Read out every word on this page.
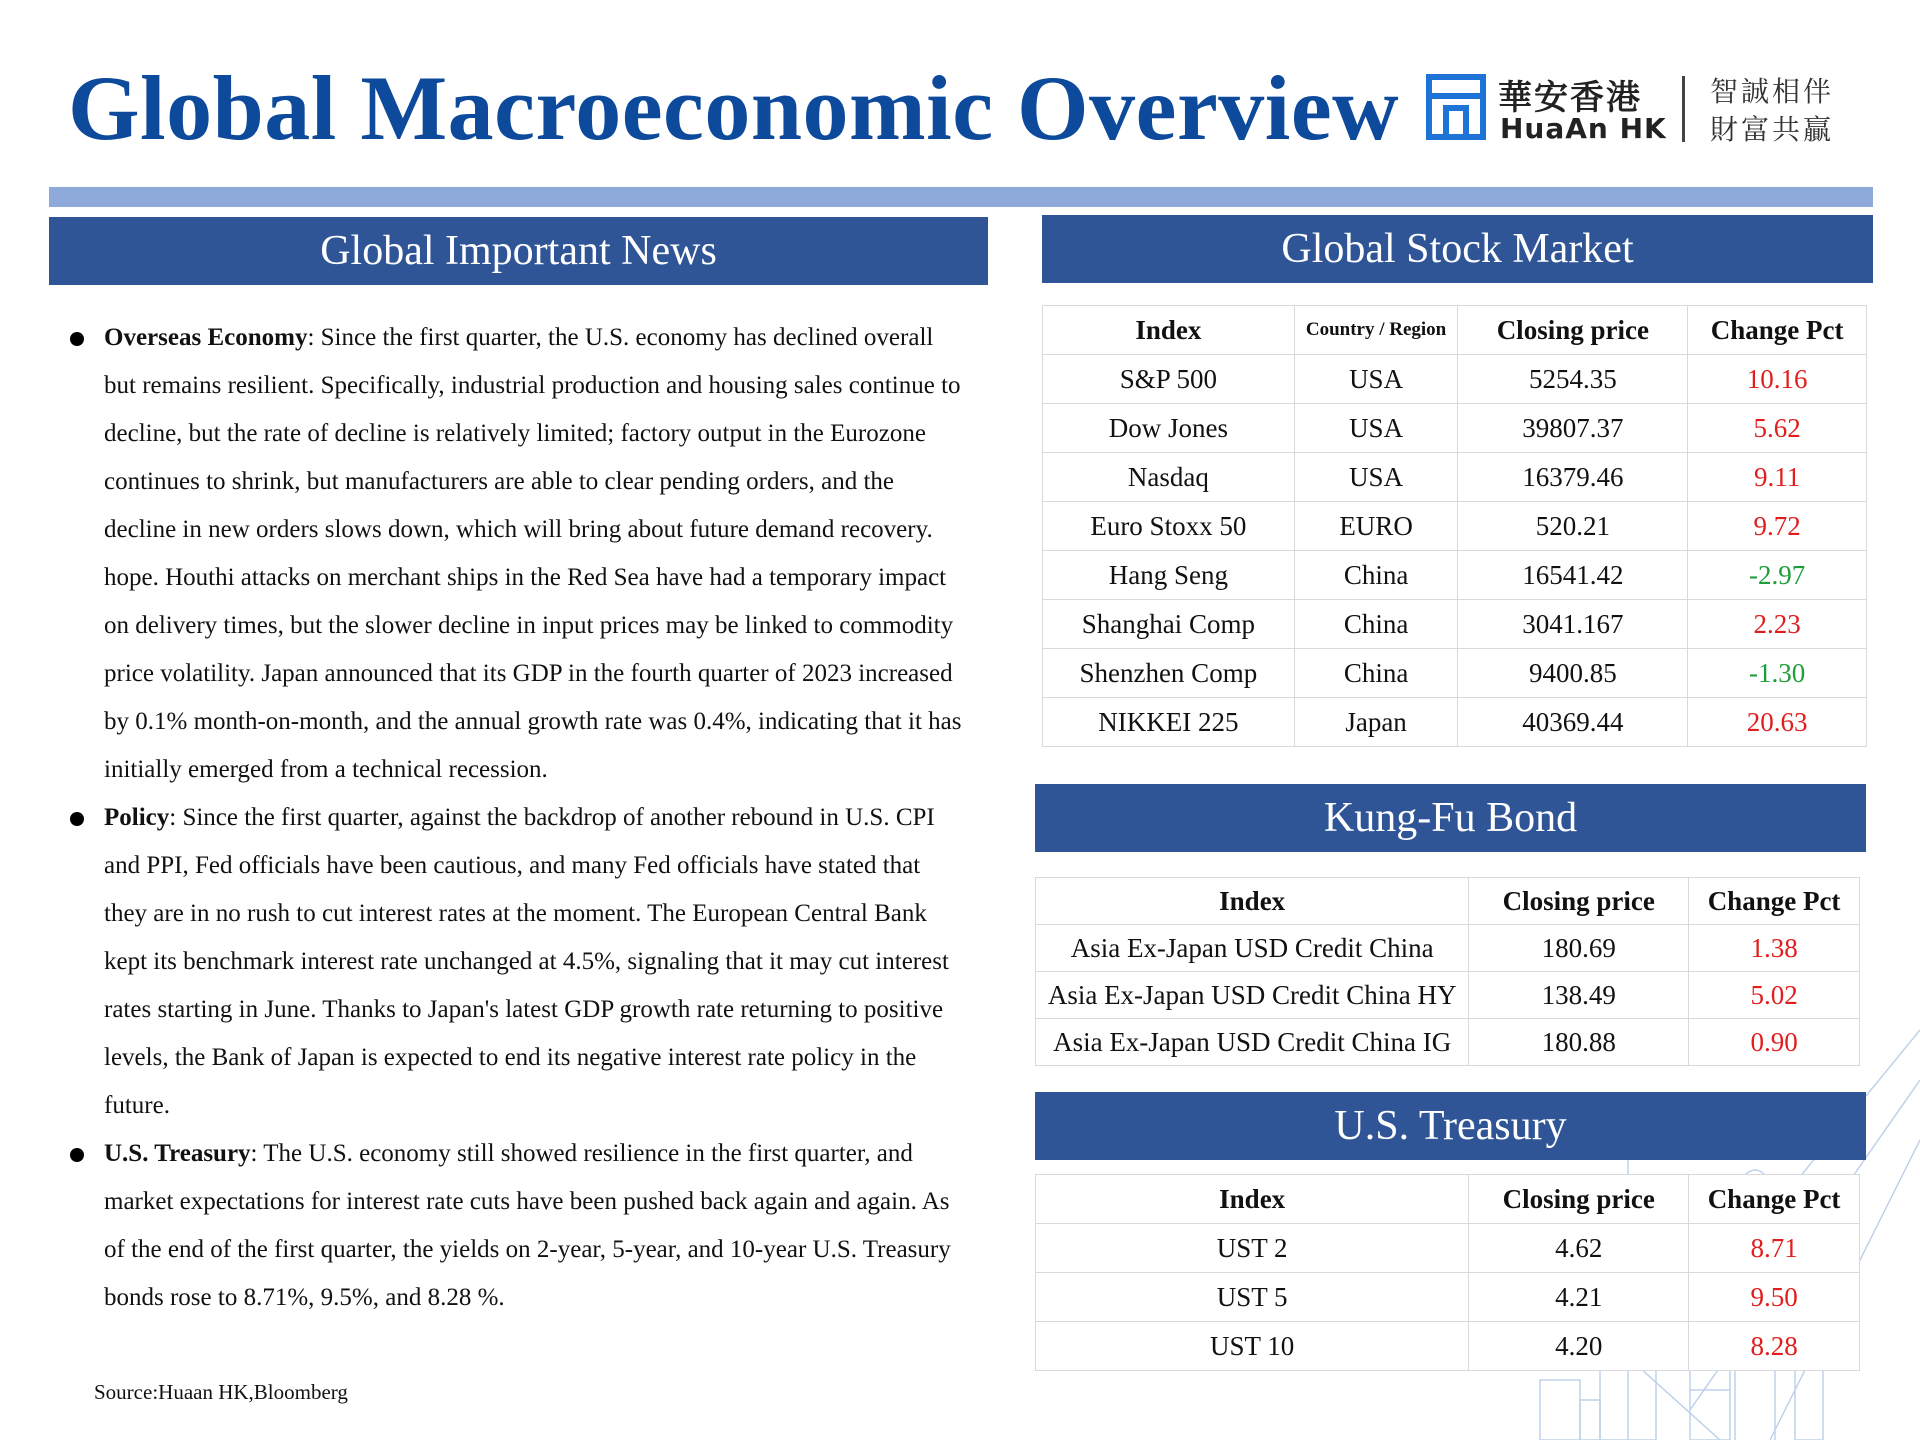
Global Macroeconomic Overview	華安香港
HuaAn HK
智誠相伴
財富共贏
Global Important News
Overseas Economy: Since the first quarter, the U.S. economy has declined overall but remains resilient. Specifically, industrial production and housing sales continue to decline, but the rate of decline is relatively limited; factory output in the Eurozone continues to shrink, but manufacturers are able to clear pending orders, and the decline in new orders slows down, which will bring about future demand recovery. hope. Houthi attacks on merchant ships in the Red Sea have had a temporary impact on delivery times, but the slower decline in input prices may be linked to commodity price volatility. Japan announced that its GDP in the fourth quarter of 2023 increased by 0.1% month-on-month, and the annual growth rate was 0.4%, indicating that it has initially emerged from a technical recession.
Policy: Since the first quarter, against the backdrop of another rebound in U.S. CPI and PPI, Fed officials have been cautious, and many Fed officials have stated that they are in no rush to cut interest rates at the moment. The European Central Bank kept its benchmark interest rate unchanged at 4.5%, signaling that it may cut interest rates starting in June. Thanks to Japan's latest GDP growth rate returning to positive levels, the Bank of Japan is expected to end its negative interest rate policy in the future.
U.S. Treasury: The U.S. economy still showed resilience in the first quarter, and market expectations for interest rate cuts have been pushed back again and again. As of the end of the first quarter, the yields on 2-year, 5-year, and 10-year U.S. Treasury bonds rose to 8.71%, 9.5%, and 8.28 %.
Source:Huaan HK,Bloomberg
Global Stock Market
Index	Country / Region	Closing price	Change Pct
S&P 500	USA	5254.35	10.16
Dow Jones	USA	39807.37	5.62
Nasdaq	USA	16379.46	9.11
Euro Stoxx 50	EURO	520.21	9.72
Hang Seng	China	16541.42	-2.97
Shanghai Comp	China	3041.167	2.23
Shenzhen Comp	China	9400.85	-1.30
NIKKEI 225	Japan	40369.44	20.63
Kung-Fu Bond
Index	Closing price	Change Pct
Asia Ex-Japan USD Credit China	180.69	1.38
Asia Ex-Japan USD Credit China HY	138.49	5.02
Asia Ex-Japan USD Credit China IG	180.88	0.90
U.S. Treasury
Index	Closing price	Change Pct
UST 2	4.62	8.71
UST 5	4.21	9.50
UST 10	4.20	8.28
